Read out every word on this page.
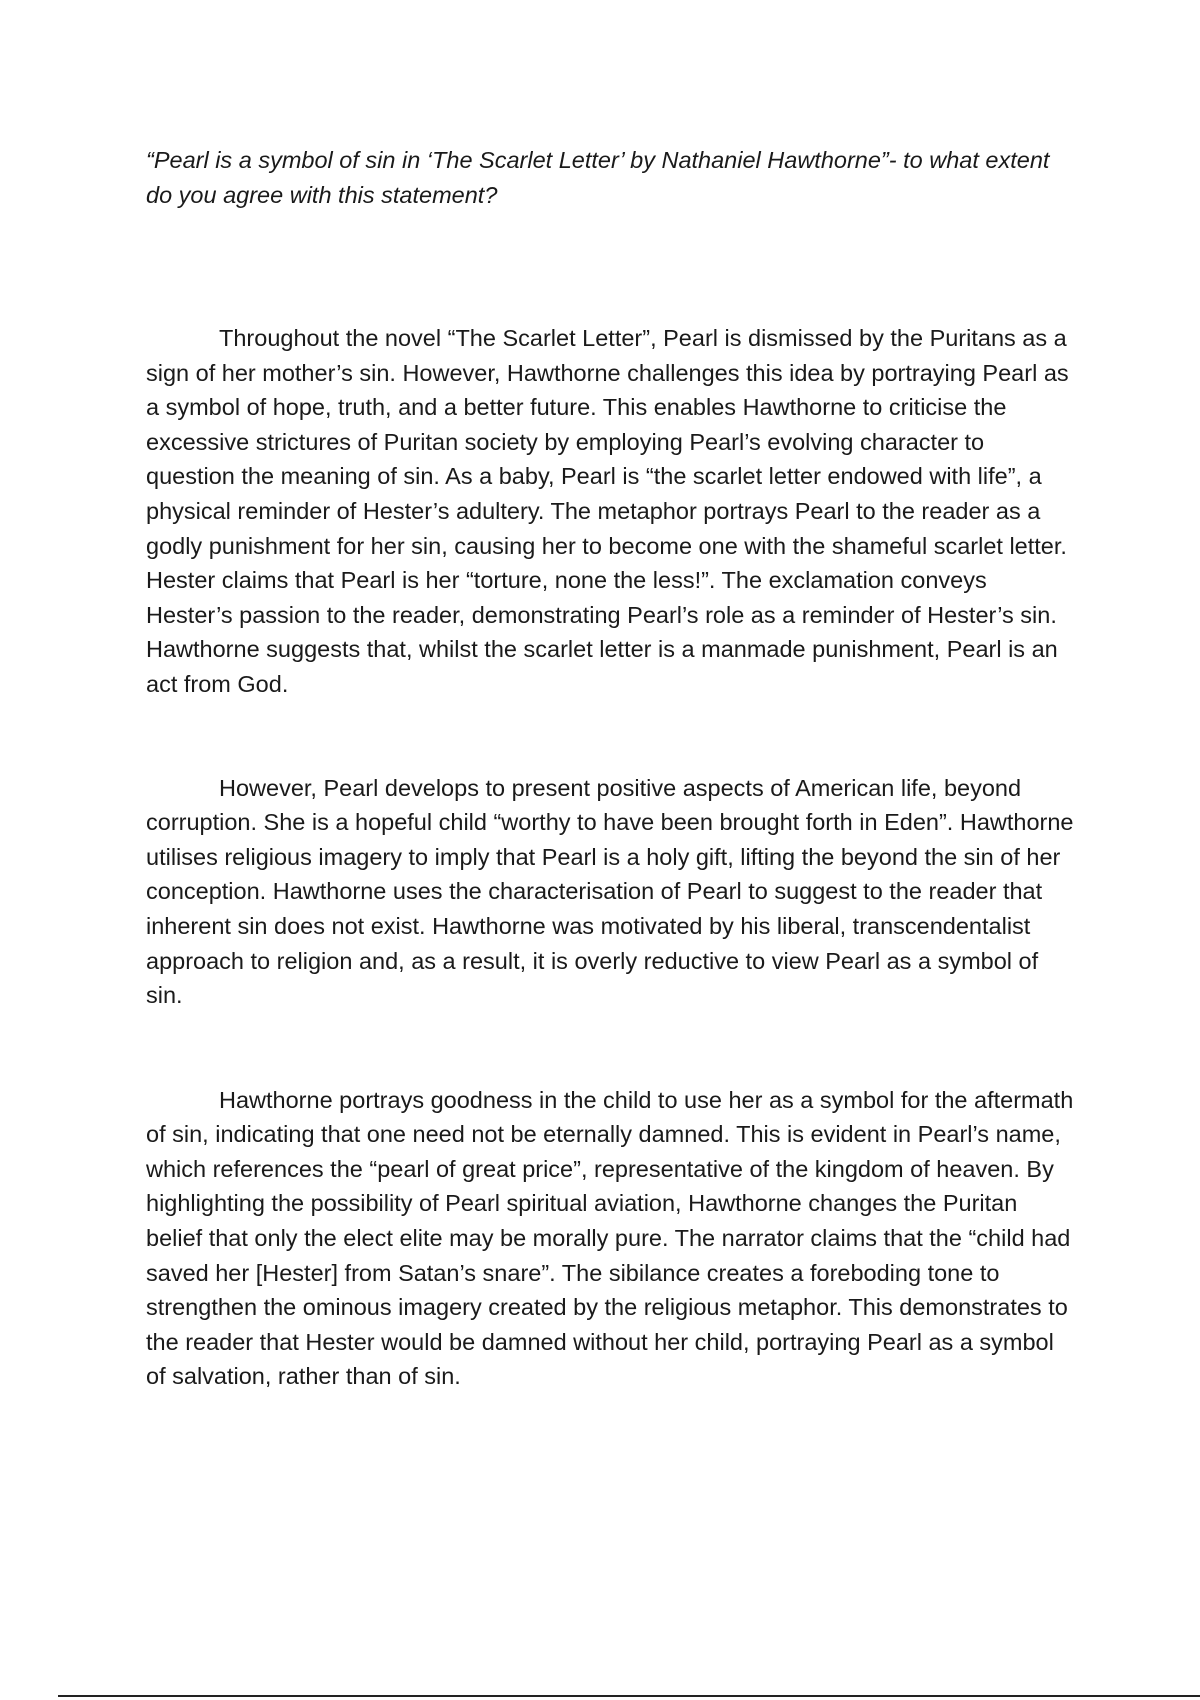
“Pearl is a symbol of sin in ‘The Scarlet Letter’ by Nathaniel Hawthorne”- to what extent do you agree with this statement?

Throughout the novel “The Scarlet Letter”, Pearl is dismissed by the Puritans as a sign of her mother’s sin. However, Hawthorne challenges this idea by portraying Pearl as a symbol of hope, truth, and a better future. This enables Hawthorne to criticise the excessive strictures of Puritan society by employing Pearl’s evolving character to question the meaning of sin. As a baby, Pearl is “the scarlet letter endowed with life”, a physical reminder of Hester’s adultery. The metaphor portrays Pearl to the reader as a godly punishment for her sin, causing her to become one with the shameful scarlet letter. Hester claims that Pearl is her “torture, none the less!”. The exclamation conveys Hester’s passion to the reader, demonstrating Pearl’s role as a reminder of Hester’s sin. Hawthorne suggests that, whilst the scarlet letter is a manmade punishment, Pearl is an act from God.

However, Pearl develops to present positive aspects of American life, beyond corruption. She is a hopeful child “worthy to have been brought forth in Eden”. Hawthorne utilises religious imagery to imply that Pearl is a holy gift, lifting the beyond the sin of her conception. Hawthorne uses the characterisation of Pearl to suggest to the reader that inherent sin does not exist. Hawthorne was motivated by his liberal, transcendentalist approach to religion and, as a result, it is overly reductive to view Pearl as a symbol of sin.

Hawthorne portrays goodness in the child to use her as a symbol for the aftermath of sin, indicating that one need not be eternally damned. This is evident in Pearl’s name, which references the “pearl of great price”, representative of the kingdom of heaven. By highlighting the possibility of Pearl spiritual aviation, Hawthorne changes the Puritan belief that only the elect elite may be morally pure. The narrator claims that the “child had saved her [Hester] from Satan’s snare”. The sibilance creates a foreboding tone to strengthen the ominous imagery created by the religious metaphor. This demonstrates to the reader that Hester would be damned without her child, portraying Pearl as a symbol of salvation, rather than of sin.
